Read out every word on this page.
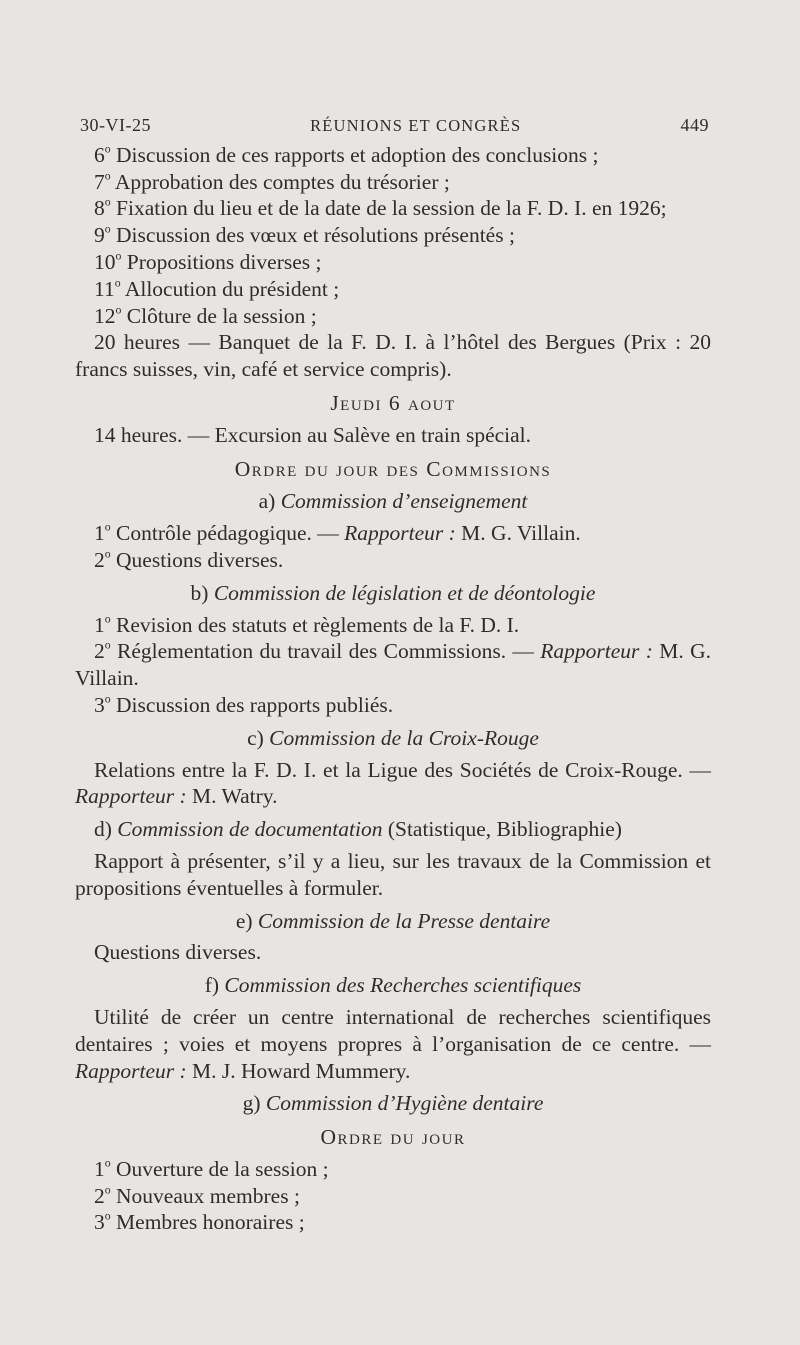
30-VI-25	RÉUNIONS ET CONGRÈS	449
6$^o$ Discussion de ces rapports et adoption des conclusions ;
7$^o$ Approbation des comptes du trésorier ;
8$^o$ Fixation du lieu et de la date de la session de la F. D. I. en 1926;
9$^o$ Discussion des vœux et résolutions présentés ;
10$^o$ Propositions diverses ;
11$^o$ Allocution du président ;
12$^o$ Clôture de la session ;
20 heures — Banquet de la F. D. I. à l’hôtel des Bergues (Prix : 20 francs suisses, vin, café et service compris).
Jeudi 6 aout
14 heures. — Excursion au Salève en train spécial.
Ordre du jour des Commissions
a) Commission d’enseignement
1$^o$ Contrôle pédagogique. — Rapporteur : M. G. Villain.
2$^o$ Questions diverses.
b) Commission de législation et de déontologie
1$^o$ Revision des statuts et règlements de la F. D. I.
2$^o$ Réglementation du travail des Commissions. — Rapporteur : M. G. Villain.
3$^o$ Discussion des rapports publiés.
c) Commission de la Croix-Rouge
Relations entre la F. D. I. et la Ligue des Sociétés de Croix-Rouge. — Rapporteur : M. Watry.
d) Commission de documentation (Statistique, Bibliographie)
Rapport à présenter, s’il y a lieu, sur les travaux de la Commission et propositions éventuelles à formuler.
e) Commission de la Presse dentaire
Questions diverses.
f) Commission des Recherches scientifiques
Utilité de créer un centre international de recherches scientifiques dentaires ; voies et moyens propres à l’organisation de ce centre. — Rapporteur : M. J. Howard Mummery.
g) Commission d’Hygiène dentaire
Ordre du jour
1$^o$ Ouverture de la session ;
2$^o$ Nouveaux membres ;
3$^o$ Membres honoraires ;
